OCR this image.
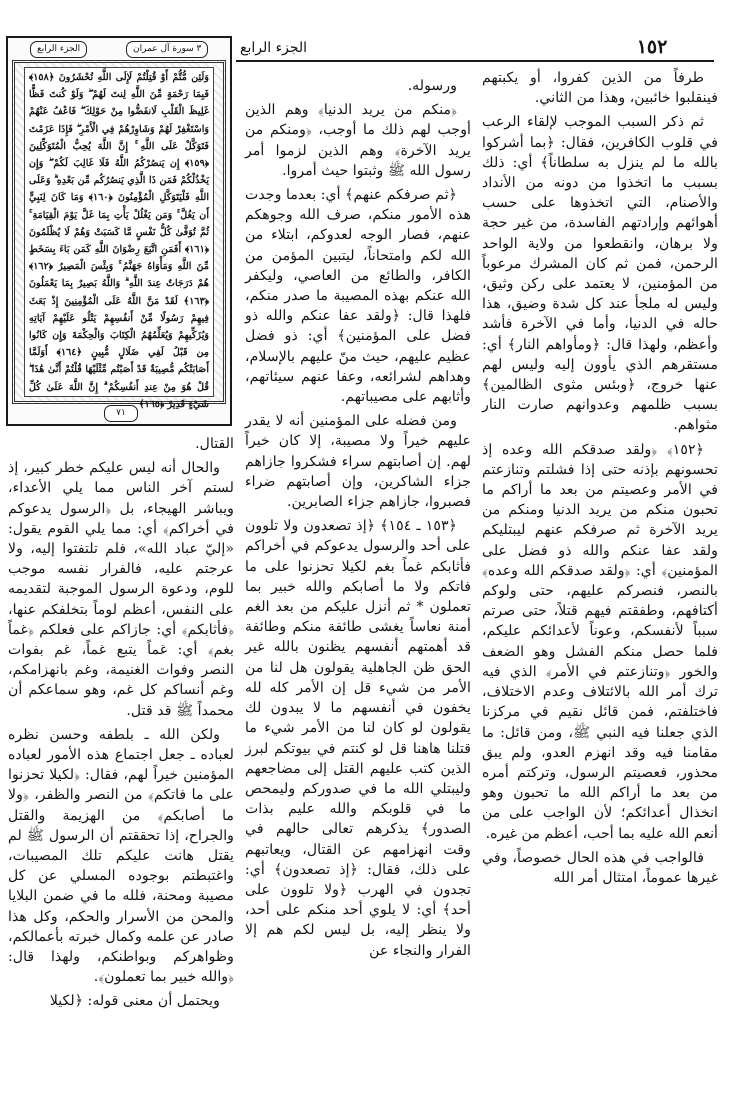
١٥٢
الجزء الرابع
الجزء الرابع	٣ سورة آل عمران
وَلَئِن مُّتُّمْ أَوْ قُتِلْتُمْ لَإِلَى اللَّهِ تُحْشَرُونَ ﴿١٥٨﴾ فَبِمَا رَحْمَةٍ مِّنَ اللَّهِ لِنتَ لَهُمْ ۖ وَلَوْ كُنتَ فَظًّا غَلِيظَ الْقَلْبِ لَانفَضُّوا مِنْ حَوْلِكَ ۖ فَاعْفُ عَنْهُمْ وَاسْتَغْفِرْ لَهُمْ وَشَاوِرْهُمْ فِي الْأَمْرِ ۖ فَإِذَا عَزَمْتَ فَتَوَكَّلْ عَلَى اللَّهِ ۚ إِنَّ اللَّهَ يُحِبُّ الْمُتَوَكِّلِينَ ﴿١٥٩﴾ إِن يَنصُرْكُمُ اللَّهُ فَلَا غَالِبَ لَكُمْ ۖ وَإِن يَخْذُلْكُمْ فَمَن ذَا الَّذِي يَنصُرُكُم مِّن بَعْدِهِ ۗ وَعَلَى اللَّهِ فَلْيَتَوَكَّلِ الْمُؤْمِنُونَ ﴿١٦٠﴾ وَمَا كَانَ لِنَبِيٍّ أَن يَغُلَّ ۚ وَمَن يَغْلُلْ يَأْتِ بِمَا غَلَّ يَوْمَ الْقِيَامَةِ ۚ ثُمَّ تُوَفَّىٰ كُلُّ نَفْسٍ مَّا كَسَبَتْ وَهُمْ لَا يُظْلَمُونَ ﴿١٦١﴾ أَفَمَنِ اتَّبَعَ رِضْوَانَ اللَّهِ كَمَن بَاءَ بِسَخَطٍ مِّنَ اللَّهِ وَمَأْوَاهُ جَهَنَّمُ ۚ وَبِئْسَ الْمَصِيرُ ﴿١٦٢﴾ هُمْ دَرَجَاتٌ عِندَ اللَّهِ ۗ وَاللَّهُ بَصِيرٌ بِمَا يَعْمَلُونَ ﴿١٦٣﴾ لَقَدْ مَنَّ اللَّهُ عَلَى الْمُؤْمِنِينَ إِذْ بَعَثَ فِيهِمْ رَسُولًا مِّنْ أَنفُسِهِمْ يَتْلُو عَلَيْهِمْ آيَاتِهِ وَيُزَكِّيهِمْ وَيُعَلِّمُهُمُ الْكِتَابَ وَالْحِكْمَةَ وَإِن كَانُوا مِن قَبْلُ لَفِي ضَلَالٍ مُّبِينٍ ﴿١٦٤﴾ أَوَلَمَّا أَصَابَتْكُم مُّصِيبَةٌ قَدْ أَصَبْتُم مِّثْلَيْهَا قُلْتُمْ أَنَّىٰ هَٰذَا ۖ قُلْ هُوَ مِنْ عِندِ أَنفُسِكُمْ ۗ إِنَّ اللَّهَ عَلَىٰ كُلِّ شَيْءٍ قَدِيرٌ ﴿١٦٥﴾
٧١

طرفاً من الذين كفروا، أو يكبتهم فينقلبوا خائبين، وهذا من الثاني.

ثم ذكر السبب الموجب لإلقاء الرعب في قلوب الكافرين، فقال: ﴿بما أشركوا بالله ما لم ينزل به سلطاناً﴾ أي: ذلك بسبب ما اتخذوا من دونه من الأنداد والأصنام، التي اتخذوها على حسب أهوائهم وإرادتهم الفاسدة، من غير حجة ولا برهان، وانقطعوا من ولاية الواحد الرحمن، فمن ثم كان المشرك مرعوباً من المؤمنين، لا يعتمد على ركن وثيق، وليس له ملجأ عند كل شدة وضيق، هذا حاله في الدنيا، وأما في الآخرة فأشد وأعظم، ولهذا قال: ﴿ومأواهم النار﴾ أي: مستقرهم الذي يأوون إليه وليس لهم عنها خروج، ﴿وبئس مثوى الظالمين﴾ بسبب ظلمهم وعدوانهم صارت النار مثواهم.

﴿١٥٢﴾ ﴿ولقد صدقكم الله وعده إذ تحسونهم بإذنه حتى إذا فشلتم وتنازعتم في الأمر وعصيتم من بعد ما أراكم ما تحبون منكم من يريد الدنيا ومنكم من يريد الآخرة ثم صرفكم عنهم ليبتليكم ولقد عفا عنكم والله ذو فضل على المؤمنين﴾ أي: ﴿ولقد صدقكم الله وعده﴾ بالنصر، فنصركم عليهم، حتى ولوكم أكتافهم، وطفقتم فيهم قتلاً، حتى صرتم سبباً لأنفسكم، وعوناً لأعدائكم عليكم، فلما حصل منكم الفشل وهو الضعف والخور ﴿وتنازعتم في الأمر﴾ الذي فيه ترك أمر الله بالائتلاف وعدم الاختلاف، فاختلفتم، فمن قائل نقيم في مركزنا الذي جعلنا فيه النبي ﷺ، ومن قائل: ما مقامنا فيه وقد انهزم العدو، ولم يبق محذور، فعصيتم الرسول، وتركتم أمره من بعد ما أراكم الله ما تحبون وهو انخذال أعدائكم؛ لأن الواجب على من أنعم الله عليه بما أحب، أعظم من غيره.

فالواجب في هذه الحال خصوصاً، وفي غيرها عموماً، امتثال أمر الله

ورسوله.

﴿منكم من يريد الدنيا﴾ وهم الذين أوجب لهم ذلك ما أوجب، ﴿ومنكم من يريد الآخرة﴾ وهم الذين لزموا أمر رسول الله ﷺ وثبتوا حيث أمروا.

﴿ثم صرفكم عنهم﴾ أي: بعدما وجدت هذه الأمور منكم، صرف الله وجوهكم عنهم، فصار الوجه لعدوكم، ابتلاء من الله لكم وامتحاناً، ليتبين المؤمن من الكافر، والطائع من العاصي، وليكفر الله عنكم بهذه المصيبة ما صدر منكم، فلهذا قال: ﴿ولقد عفا عنكم والله ذو فضل على المؤمنين﴾ أي: ذو فضل عظيم عليهم، حيث منّ عليهم بالإسلام، وهداهم لشرائعه، وعفا عنهم سيئاتهم، وأثابهم على مصيباتهم.

ومن فضله على المؤمنين أنه لا يقدر عليهم خيراً ولا مصيبة، إلا كان خيراً لهم. إن أصابتهم سراء فشكروا جازاهم جزاء الشاكرين، وإن أصابتهم ضراء فصبروا، جازاهم جزاء الصابرين.

﴿١٥٣ ـ ١٥٤﴾ ﴿إذ تصعدون ولا تلوون على أحد والرسول يدعوكم في أخراكم فأثابكم غماً بغم لكيلا تحزنوا على ما فاتكم ولا ما أصابكم والله خبير بما تعملون * ثم أنزل عليكم من بعد الغم أمنة نعاساً يغشى طائفة منكم وطائفة قد أهمتهم أنفسهم يظنون بالله غير الحق ظن الجاهلية يقولون هل لنا من الأمر من شيء قل إن الأمر كله لله يخفون في أنفسهم ما لا يبدون لك يقولون لو كان لنا من الأمر شيء ما قتلنا هاهنا قل لو كنتم في بيوتكم لبرز الذين كتب عليهم القتل إلى مضاجعهم وليبتلي الله ما في صدوركم وليمحص ما في قلوبكم والله عليم بذات الصدور﴾ يذكرهم تعالى حالهم في وقت انهزامهم عن القتال، ويعاتبهم على ذلك، فقال: ﴿إذ تصعدون﴾ أي: تجدون في الهرب ﴿ولا تلوون على أحد﴾ أي: لا يلوي أحد منكم على أحد، ولا ينظر إليه، بل ليس لكم هم إلا الفرار والنجاء عن

القتال.

والحال أنه ليس عليكم خطر كبير، إذ لستم آخر الناس مما يلي الأعداء، ويباشر الهيجاء، بل ﴿الرسول يدعوكم في أخراكم﴾ أي: مما يلي القوم يقول: «إليّ عباد الله»، فلم تلتفتوا إليه، ولا عرجتم عليه، فالفرار نفسه موجب للوم، ودعوة الرسول الموجبة لتقديمه على النفس، أعظم لوماً بتخلفكم عنها، ﴿فأثابكم﴾ أي: جازاكم على فعلكم ﴿غماً بغم﴾ أي: غماً يتبع غماً، غم بفوات النصر وفوات الغنيمة، وغم بانهزامكم، وغم أنساكم كل غم، وهو سماعكم أن محمداً ﷺ قد قتل.

ولكن الله ـ بلطفه وحسن نظره لعباده ـ جعل اجتماع هذه الأمور لعباده المؤمنين خيراً لهم، فقال: ﴿لكيلا تحزنوا على ما فاتكم﴾ من النصر والظفر، ﴿ولا ما أصابكم﴾ من الهزيمة والقتل والجراح، إذا تحققتم أن الرسول ﷺ لم يقتل هانت عليكم تلك المصيبات، واغتبطتم بوجوده المسلي عن كل مصيبة ومحنة، فلله ما في ضمن البلايا والمحن من الأسرار والحكم، وكل هذا صادر عن علمه وكمال خبرته بأعمالكم، وظواهركم وبواطنكم، ولهذا قال: ﴿والله خبير بما تعملون﴾.

ويحتمل أن معنى قوله: ﴿لكيلا
